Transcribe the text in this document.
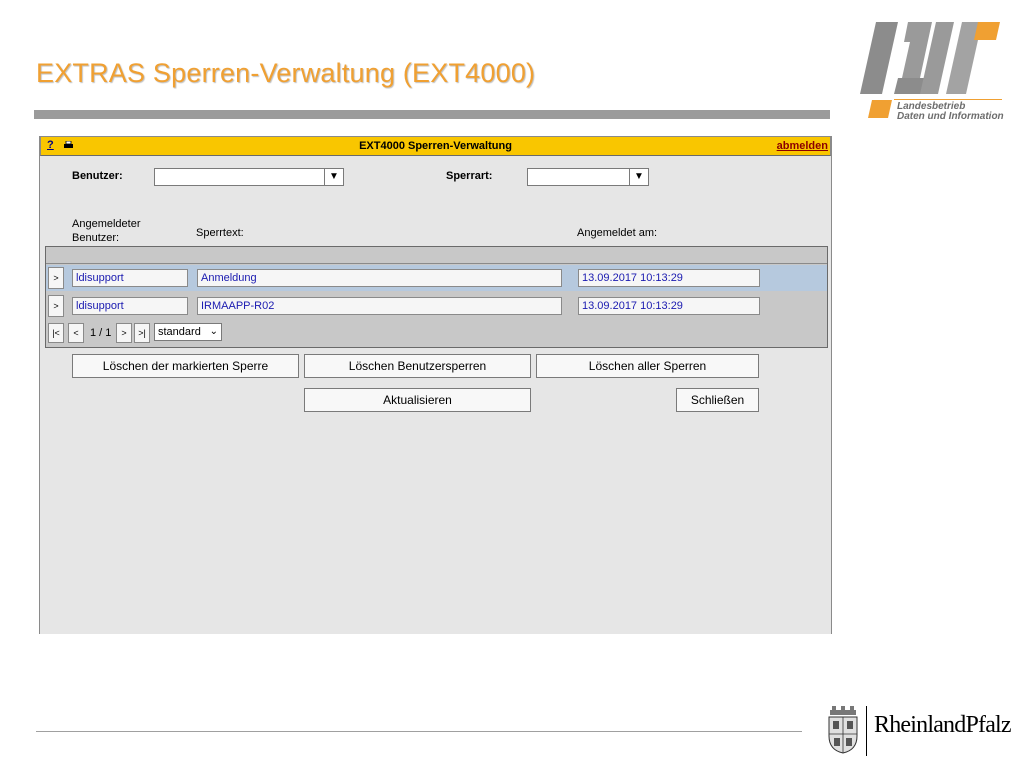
EXTRAS Sperren-Verwaltung (EXT4000)
Landesbetrieb
Daten und Information
?	EXT4000 Sperren-Verwaltung	abmelden
Benutzer:	▼	Sperrart:	▼
Angemeldeter
Benutzer:	Sperrtext:	Angemeldet am:
>	ldisupport	Anmeldung	13.09.2017 10:13:29
>	ldisupport	IRMAAPP-R02	13.09.2017 10:13:29
|<	<	1 / 1	>	>|	standard ⌄
Löschen der markierten Sperre	Löschen Benutzersperren	Löschen aller Sperren
Aktualisieren	Schließen
RheinlandPfalz
